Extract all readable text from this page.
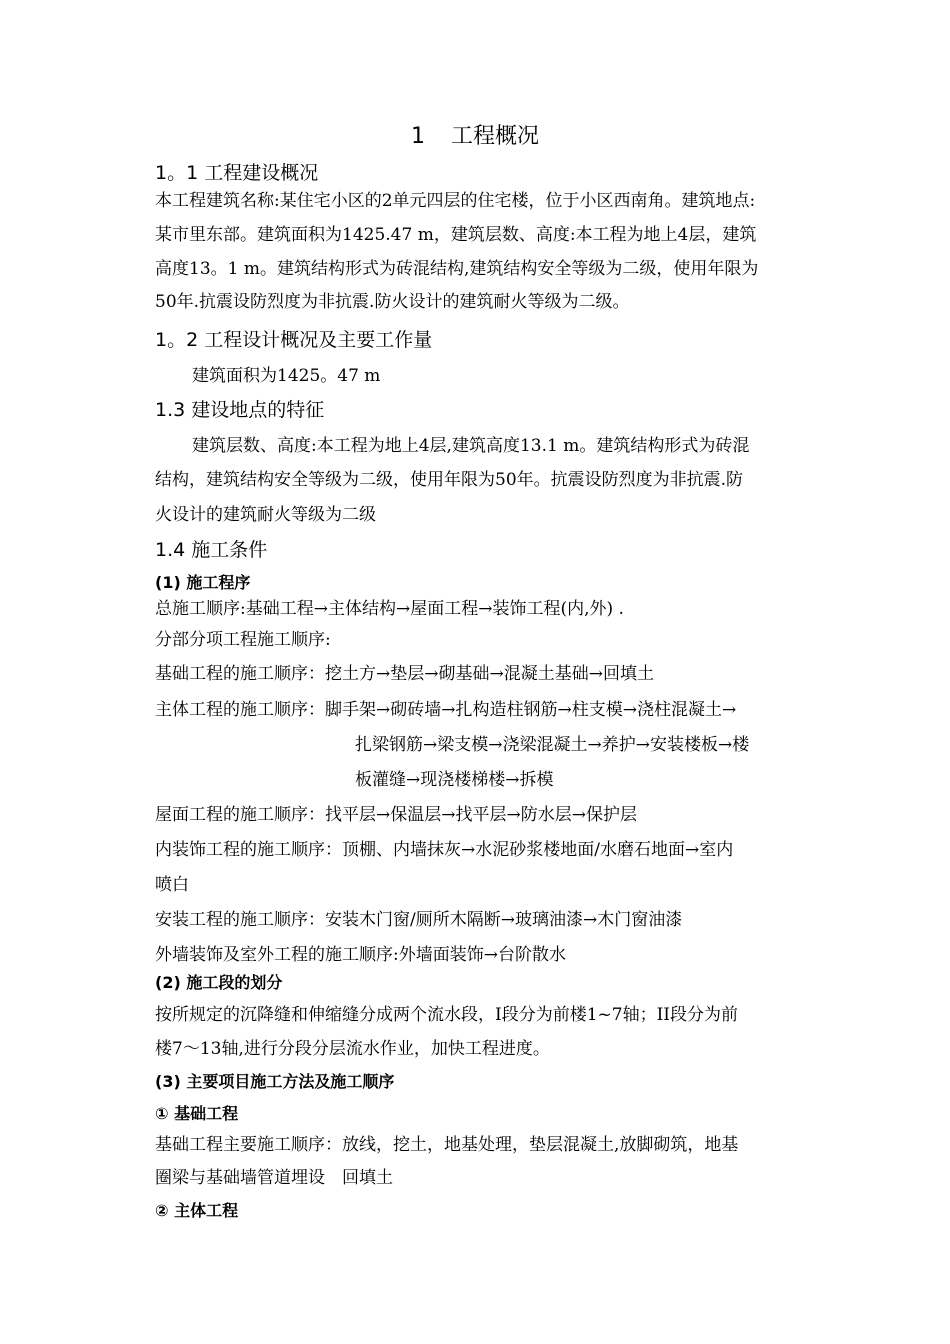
1 工程概况
1。1 工程建设概况
本工程建筑名称:某住宅小区的2单元四层的住宅楼，位于小区西南角。建筑地点:
某市里东部。建筑面积为1425.47 m，建筑层数、高度:本工程为地上4层，建筑
高度13。1 m。建筑结构形式为砖混结构,建筑结构安全等级为二级，使用年限为
50年.抗震设防烈度为非抗震.防火设计的建筑耐火等级为二级。
1。2 工程设计概况及主要工作量
建筑面积为1425。47 m
1.3 建设地点的特征
建筑层数、高度:本工程为地上4层,建筑高度13.1 m。建筑结构形式为砖混
结构，建筑结构安全等级为二级，使用年限为50年。抗震设防烈度为非抗震.防
火设计的建筑耐火等级为二级
1.4 施工条件
(1) 施工程序
总施工顺序:基础工程→主体结构→屋面工程→装饰工程(内,外) .
分部分项工程施工顺序:
基础工程的施工顺序：挖土方→垫层→砌基础→混凝土基础→回填土
主体工程的施工顺序：脚手架→砌砖墙→扎构造柱钢筋→柱支模→浇柱混凝土→
扎梁钢筋→梁支模→浇梁混凝土→养护→安装楼板→楼
板灌缝→现浇楼梯楼→拆模
屋面工程的施工顺序：找平层→保温层→找平层→防水层→保护层
内装饰工程的施工顺序：顶棚、内墙抹灰→水泥砂浆楼地面/水磨石地面→室内
喷白
安装工程的施工顺序：安装木门窗/厕所木隔断→玻璃油漆→木门窗油漆
外墙装饰及室外工程的施工顺序:外墙面装饰→台阶散水
(2) 施工段的划分
按所规定的沉降缝和伸缩缝分成两个流水段，I段分为前楼1~7轴；II段分为前
楼7～13轴,进行分段分层流水作业，加快工程进度。
(3) 主要项目施工方法及施工顺序
① 基础工程
基础工程主要施工顺序：放线，挖土，地基处理，垫层混凝土,放脚砌筑，地基
圈梁与基础墙管道埋设　回填土
② 主体工程
